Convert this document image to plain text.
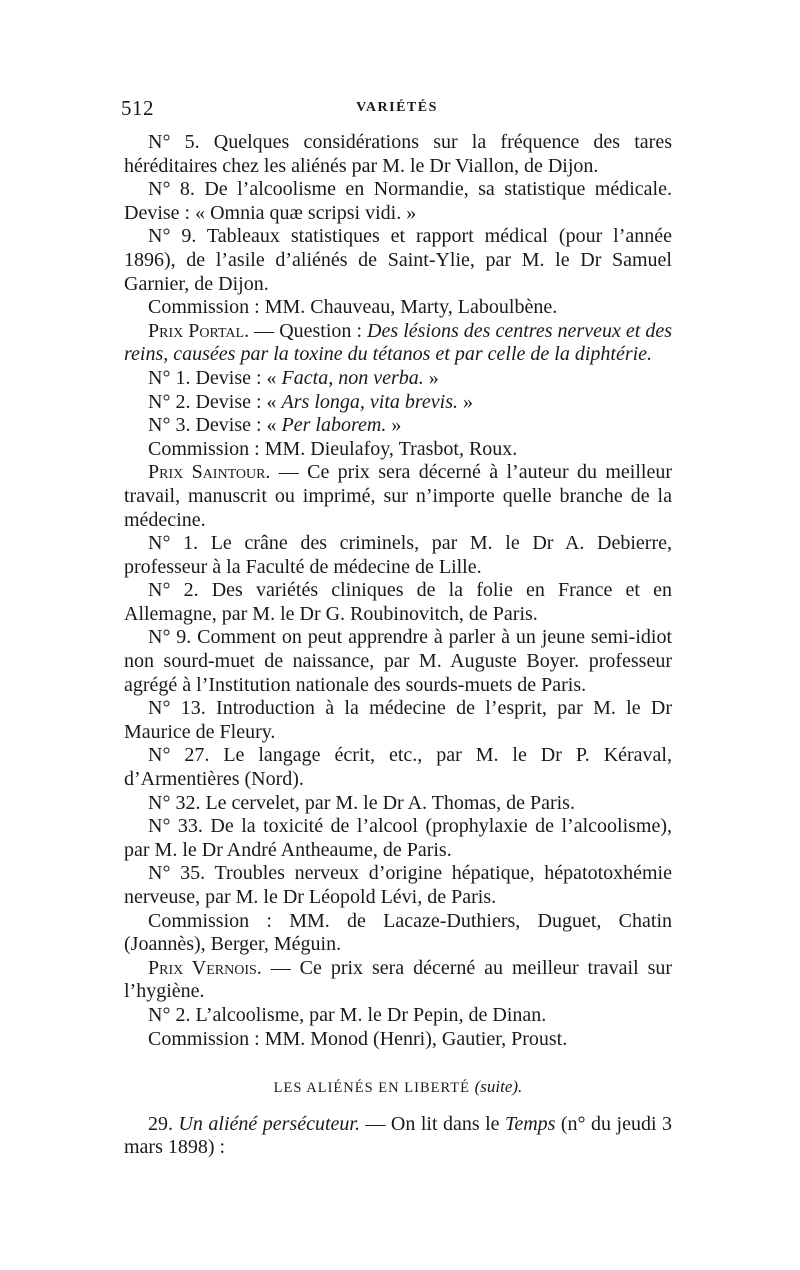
512	VARIÉTÉS

N° 5. Quelques considérations sur la fréquence des tares héréditaires chez les aliénés par M. le Dr Viallon, de Dijon.

N° 8. De l’alcoolisme en Normandie, sa statistique médicale. Devise : « Omnia quæ scripsi vidi. »

N° 9. Tableaux statistiques et rapport médical (pour l’année 1896), de l’asile d’aliénés de Saint-Ylie, par M. le Dr Samuel Garnier, de Dijon.

Commission : MM. Chauveau, Marty, Laboulbène.

Prix Portal. — Question : Des lésions des centres nerveux et des reins, causées par la toxine du tétanos et par celle de la diphtérie.

N° 1. Devise : « Facta, non verba. »

N° 2. Devise : « Ars longa, vita brevis. »

N° 3. Devise : « Per laborem. »

Commission : MM. Dieulafoy, Trasbot, Roux.

Prix Saintour. — Ce prix sera décerné à l’auteur du meilleur travail, manuscrit ou imprimé, sur n’importe quelle branche de la médecine.

N° 1. Le crâne des criminels, par M. le Dr A. Debierre, professeur à la Faculté de médecine de Lille.

N° 2. Des variétés cliniques de la folie en France et en Allemagne, par M. le Dr G. Roubinovitch, de Paris.

N° 9. Comment on peut apprendre à parler à un jeune semi-idiot non sourd-muet de naissance, par M. Auguste Boyer. professeur agrégé à l’Institution nationale des sourds-muets de Paris.

N° 13. Introduction à la médecine de l’esprit, par M. le Dr Maurice de Fleury.

N° 27. Le langage écrit, etc., par M. le Dr P. Kéraval, d’Armentières (Nord).

N° 32. Le cervelet, par M. le Dr A. Thomas, de Paris.

N° 33. De la toxicité de l’alcool (prophylaxie de l’alcoolisme), par M. le Dr André Antheaume, de Paris.

N° 35. Troubles nerveux d’origine hépatique, hépatotoxhémie nerveuse, par M. le Dr Léopold Lévi, de Paris.

Commission : MM. de Lacaze-Duthiers, Duguet, Chatin (Joannès), Berger, Méguin.

Prix Vernois. — Ce prix sera décerné au meilleur travail sur l’hygiène.

N° 2. L’alcoolisme, par M. le Dr Pepin, de Dinan.

Commission : MM. Monod (Henri), Gautier, Proust.

LES ALIÉNÉS EN LIBERTÉ (suite).

29. Un aliéné persécuteur. — On lit dans le Temps (n° du jeudi 3 mars 1898) :
